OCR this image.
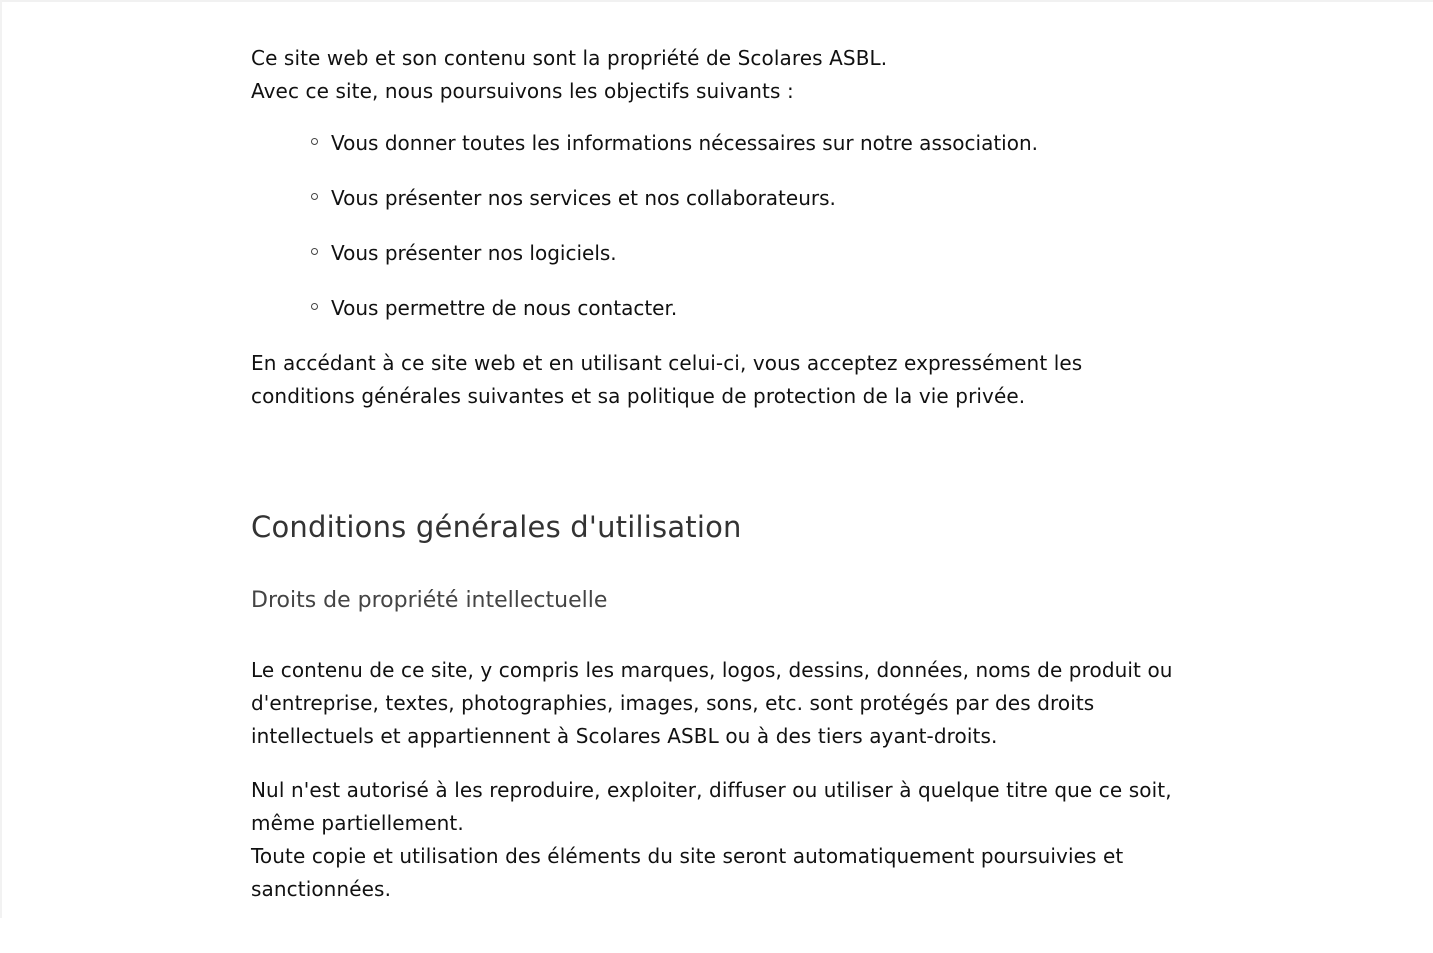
Ce site web et son contenu sont la propriété de Scolares ASBL.
Avec ce site, nous poursuivons les objectifs suivants :

Vous donner toutes les informations nécessaires sur notre association.
Vous présenter nos services et nos collaborateurs.
Vous présenter nos logiciels.
Vous permettre de nous contacter.

En accédant à ce site web et en utilisant celui-ci, vous acceptez expressément les conditions générales suivantes et sa politique de protection de la vie privée.

Conditions générales d'utilisation
Droits de propriété intellectuelle

Le contenu de ce site, y compris les marques, logos, dessins, données, noms de produit ou d'entreprise, textes, photographies, images, sons, etc. sont protégés par des droits intellectuels et appartiennent à Scolares ASBL ou à des tiers ayant-droits.

Nul n'est autorisé à les reproduire, exploiter, diffuser ou utiliser à quelque titre que ce soit, même partiellement.
Toute copie et utilisation des éléments du site seront automatiquement poursuivies et sanctionnées.
